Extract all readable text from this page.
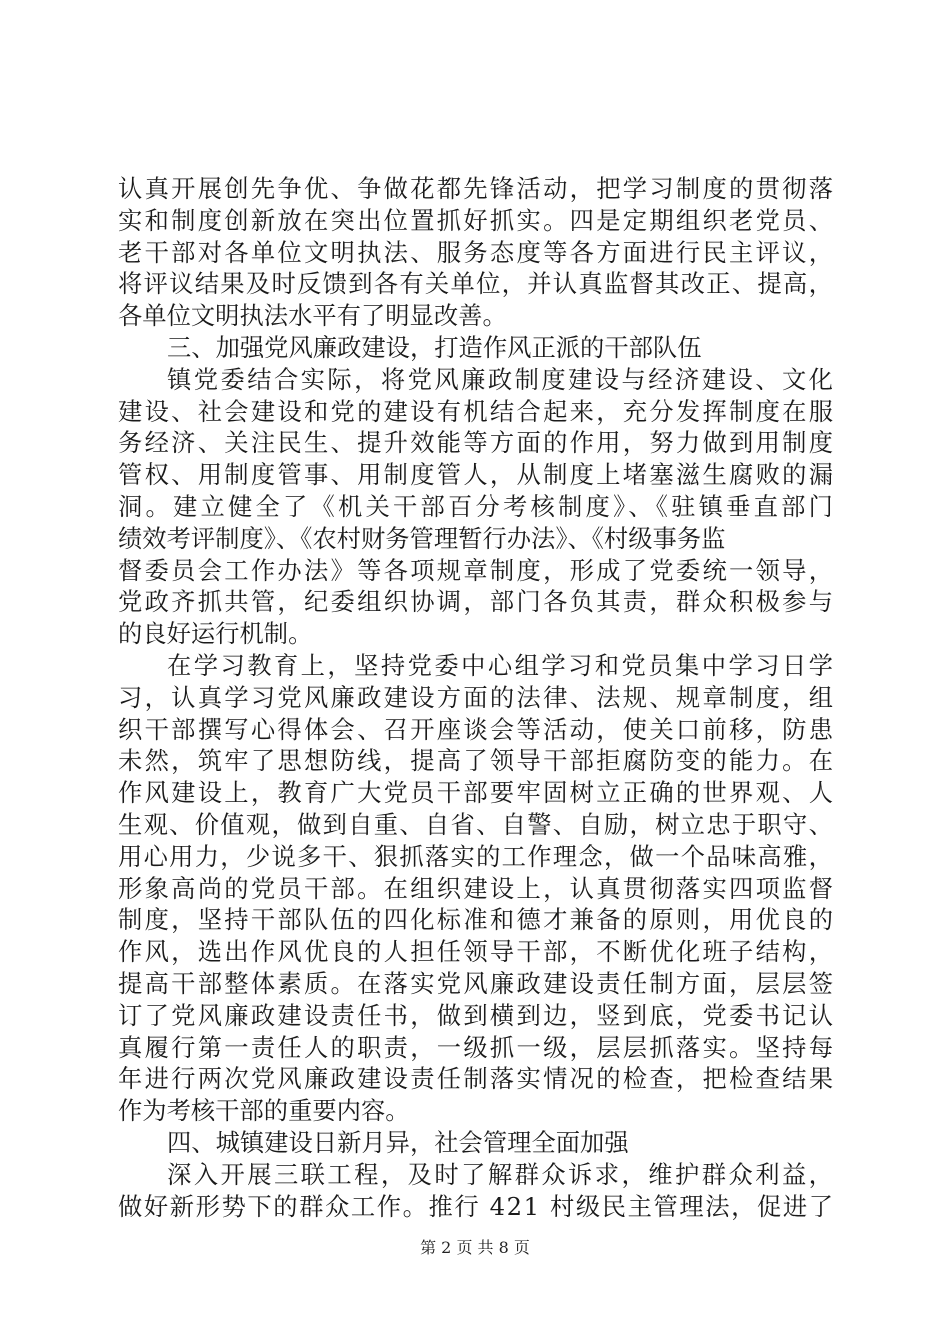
认真开展创先争优、争做花都先锋活动，把学习制度的贯彻落
实和制度创新放在突出位置抓好抓实。四是定期组织老党员、
老干部对各单位文明执法、服务态度等各方面进行民主评议，
将评议结果及时反馈到各有关单位，并认真监督其改正、提高，
各单位文明执法水平有了明显改善。
三、加强党风廉政建设，打造作风正派的干部队伍
镇党委结合实际，将党风廉政制度建设与经济建设、文化
建设、社会建设和党的建设有机结合起来，充分发挥制度在服
务经济、关注民生、提升效能等方面的作用，努力做到用制度
管权、用制度管事、用制度管人，从制度上堵塞滋生腐败的漏
洞。建立健全了《机关干部百分考核制度》、《驻镇垂直部门
绩效考评制度》、《农村财务管理暂行办法》、《村级事务监
督委员会工作办法》等各项规章制度，形成了党委统一领导，
党政齐抓共管，纪委组织协调，部门各负其责，群众积极参与
的良好运行机制。
在学习教育上，坚持党委中心组学习和党员集中学习日学
习，认真学习党风廉政建设方面的法律、法规、规章制度，组
织干部撰写心得体会、召开座谈会等活动，使关口前移，防患
未然，筑牢了思想防线，提高了领导干部拒腐防变的能力。在
作风建设上，教育广大党员干部要牢固树立正确的世界观、人
生观、价值观，做到自重、自省、自警、自励，树立忠于职守、
用心用力，少说多干、狠抓落实的工作理念，做一个品味高雅，
形象高尚的党员干部。在组织建设上，认真贯彻落实四项监督
制度，坚持干部队伍的四化标准和德才兼备的原则，用优良的
作风，选出作风优良的人担任领导干部，不断优化班子结构，
提高干部整体素质。在落实党风廉政建设责任制方面，层层签
订了党风廉政建设责任书，做到横到边，竖到底，党委书记认
真履行第一责任人的职责，一级抓一级，层层抓落实。坚持每
年进行两次党风廉政建设责任制落实情况的检查，把检查结果
作为考核干部的重要内容。
四、城镇建设日新月异，社会管理全面加强
深入开展三联工程，及时了解群众诉求，维护群众利益，
做好新形势下的群众工作。推行 421 村级民主管理法，促进了
第 2 页 共 8 页
